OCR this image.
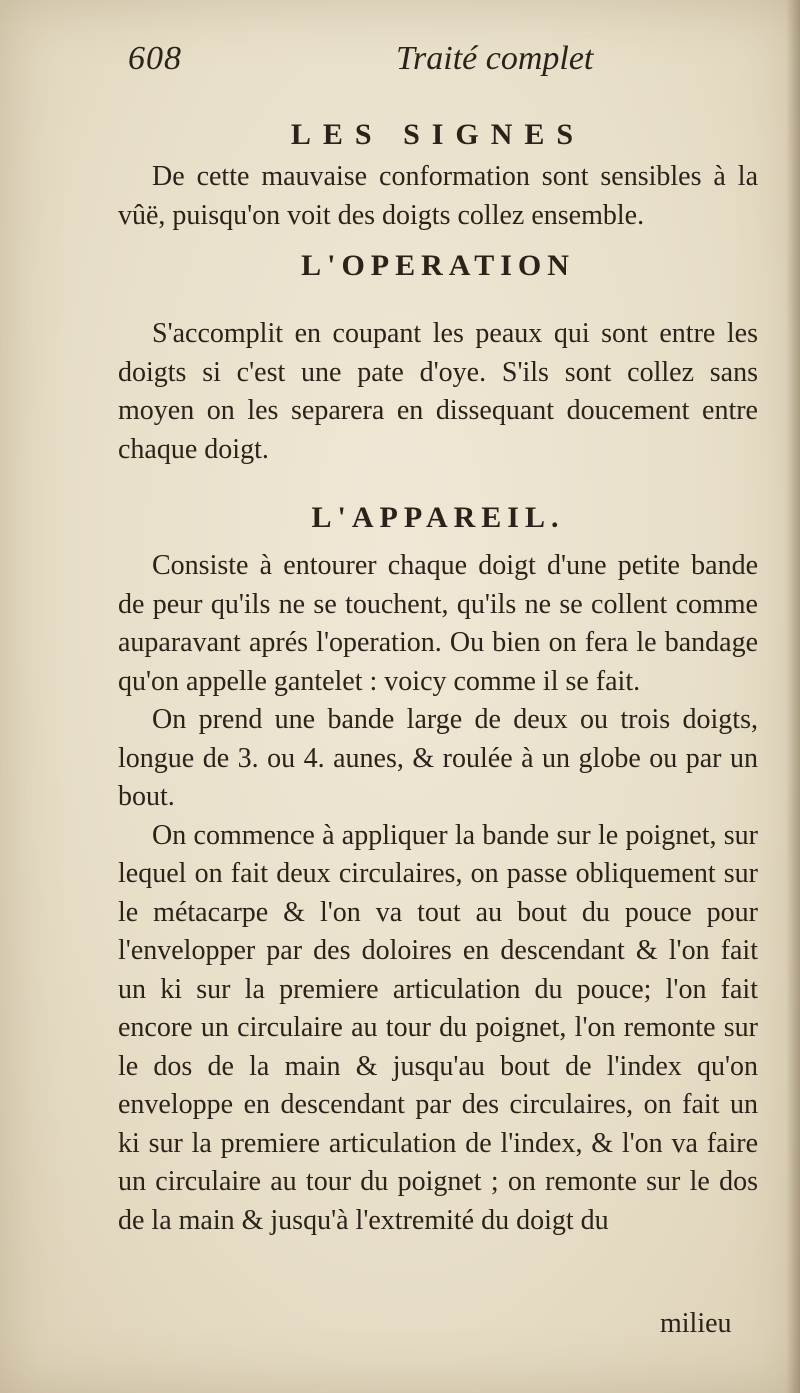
608	Traité complet
LES SIGNES

De cette mauvaise conformation sont sensibles à la vûë, puisqu'on voit des doigts collez ensemble.

L'OPERATION

S'accomplit en coupant les peaux qui sont entre les doigts si c'est une pate d'oye. S'ils sont collez sans moyen on les separera en dissequant doucement entre chaque doigt.

L'APPAREIL.

Consiste à entourer chaque doigt d'une petite bande de peur qu'ils ne se touchent, qu'ils ne se collent comme auparavant aprés l'operation. Ou bien on fera le bandage qu'on appelle gantelet : voicy comme il se fait.

On prend une bande large de deux ou trois doigts, longue de 3. ou 4. aunes, & roulée à un globe ou par un bout.

On commence à appliquer la bande sur le poignet, sur lequel on fait deux circulaires, on passe obliquement sur le métacarpe & l'on va tout au bout du pouce pour l'envelopper par des doloires en descendant & l'on fait un ki sur la premiere articulation du pouce; l'on fait encore un circulaire au tour du poignet, l'on remonte sur le dos de la main & jusqu'au bout de l'index qu'on enveloppe en descendant par des circulaires, on fait un ki sur la premiere articulation de l'index, & l'on va faire un circulaire au tour du poignet ; on remonte sur le dos de la main & jusqu'à l'extremité du doigt du

milieu
